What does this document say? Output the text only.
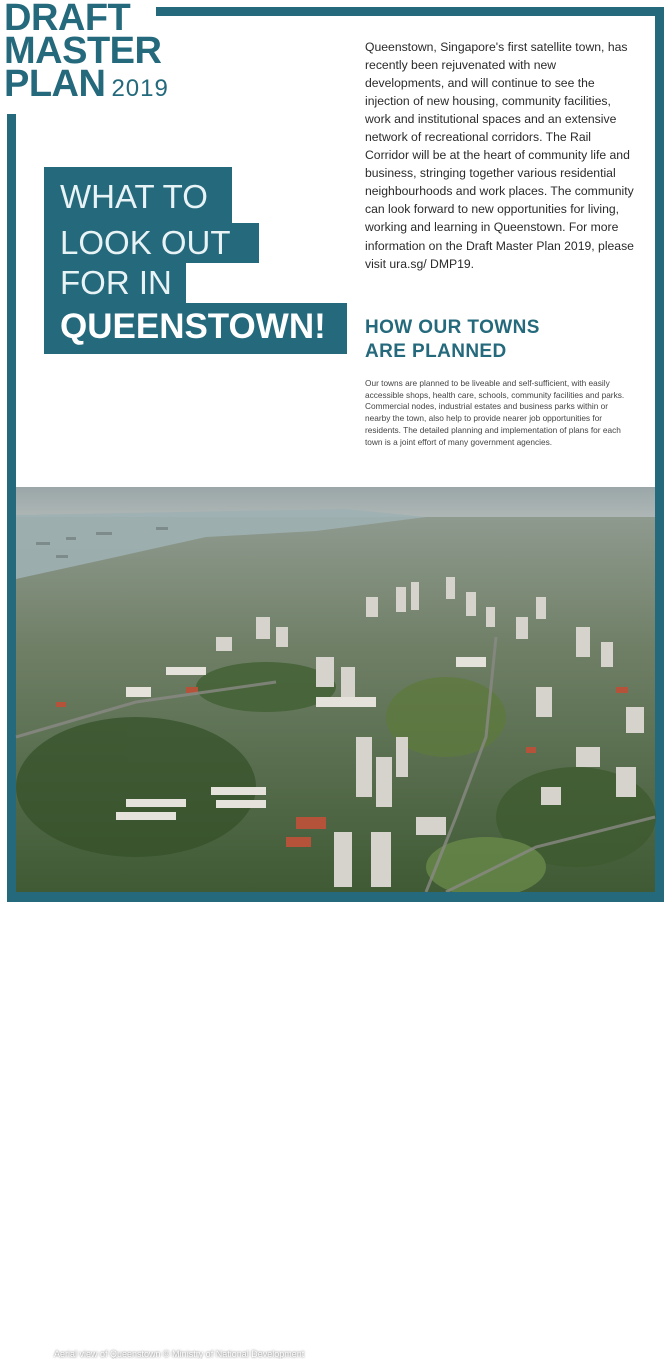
DRAFT
MASTER
PLAN 2019
WHAT TO
LOOK OUT
FOR IN
QUEENSTOWN!

Queenstown, Singapore's first satellite town, has recently been rejuvenated with new developments, and will continue to see the injection of new housing, community facilities, work and institutional spaces and an extensive network of recreational corridors. The Rail Corridor will be at the heart of community life and business, stringing together various residential neighbourhoods and work places. The community can look forward to new opportunities for living, working and learning in Queenstown. For more information on the Draft Master Plan 2019, please visit ura.sg/ DMP19.

HOW OUR TOWNS
ARE PLANNED

Our towns are planned to be liveable and self-sufficient, with easily accessible shops, health care, schools, community facilities and parks. Commercial nodes, industrial estates and business parks within or nearby the town, also help to provide nearer job opportunities for residents. The detailed planning and implementation of plans for each town is a joint effort of many government agencies.

Aerial view of Queenstown © Ministry of National Development
